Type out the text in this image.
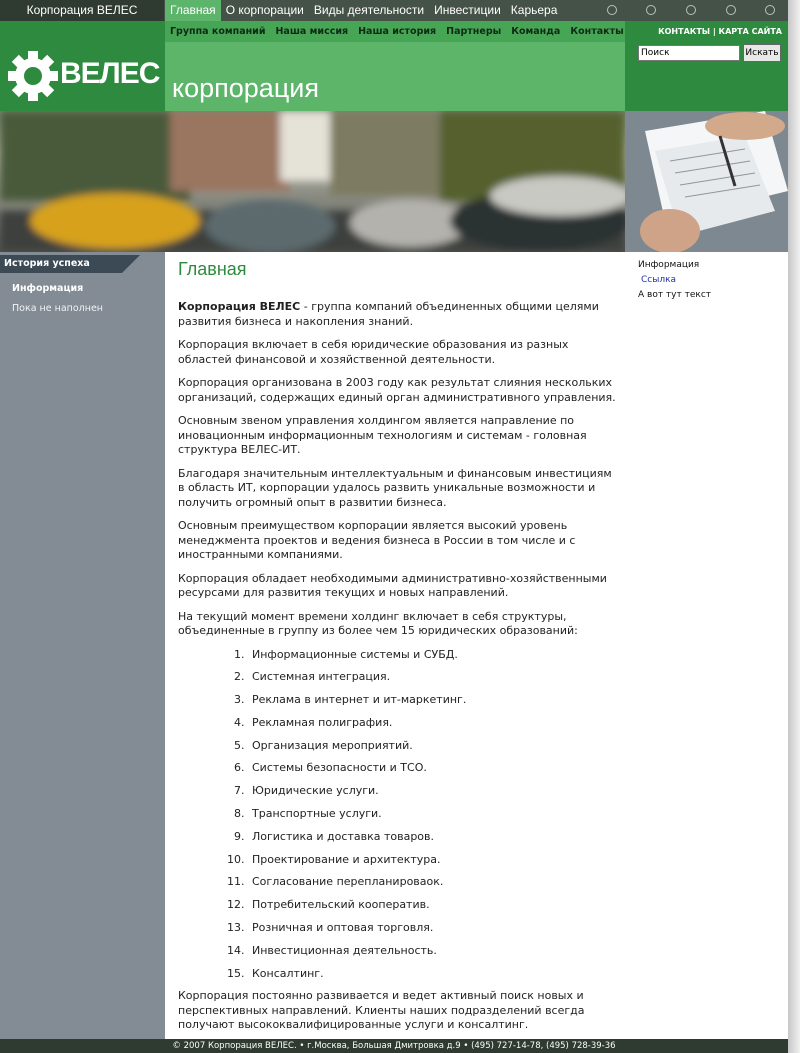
Корпорация ВЕЛЕС	Главная О корпорации Виды деятельности Инвестиции Карьера
ВЕЛЕС
Группа компаний Наша миссия Наша история Партнеры Команда Контакты
корпорация
КОНТАКТЫ | КАРТА САЙТА
Поиск
Искать
История успеха
Информация
Пока не наполнен
Главная

Корпорация ВЕЛЕС - группа компаний объединенных общими целями развития бизнеса и накопления знаний.

Корпорация включает в себя юридические образования из разных областей финансовой и хозяйственной деятельности.

Корпорация организована в 2003 году как результат слияния нескольких организаций, содержащих единый орган административного управления.

Основным звеном управления холдингом является направление по иновационным информационным технологиям и системам - головная структура ВЕЛЕС-ИТ.

Благодаря значительным интеллектуальным и финансовым инвестициям в область ИТ, корпорации удалось развить уникальные возможности и получить огромный опыт в развитии бизнеса.

Основным преимуществом корпорации является высокий уровень менеджмента проектов и ведения бизнеса в России в том числе и с иностранными компаниями.

Корпорация обладает необходимыми административно-хозяйственными ресурсами для развития текущих и новых направлений.

На текущий момент времени холдинг включает в себя структуры, объединенные в группу из более чем 15 юридических образований:

1. Информационные системы и СУБД.
2. Системная интеграция.
3. Реклама в интернет и ит-маркетинг.
4. Рекламная полиграфия.
5. Организация мероприятий.
6. Системы безопасности и ТСО.
7. Юридические услуги.
8. Транспортные услуги.
9. Логистика и доставка товаров.
10. Проектирование и архитектура.
11. Согласование перепланироваок.
12. Потребительский кооператив.
13. Розничная и оптовая торговля.
14. Инвестиционная деятельность.
15. Консалтинг.

Корпорация постоянно развивается и ведет активный поиск новых и перспективных направлений. Клиенты наших подразделений всегда получают высококвалифицированные услуги и консалтинг.

Информация
Ссылка
А вот тут текст
© 2007 Корпорация ВЕЛЕС. • г.Москва, Большая Дмитровка д.9 • (495) 727-14-78, (495) 728-39-36
